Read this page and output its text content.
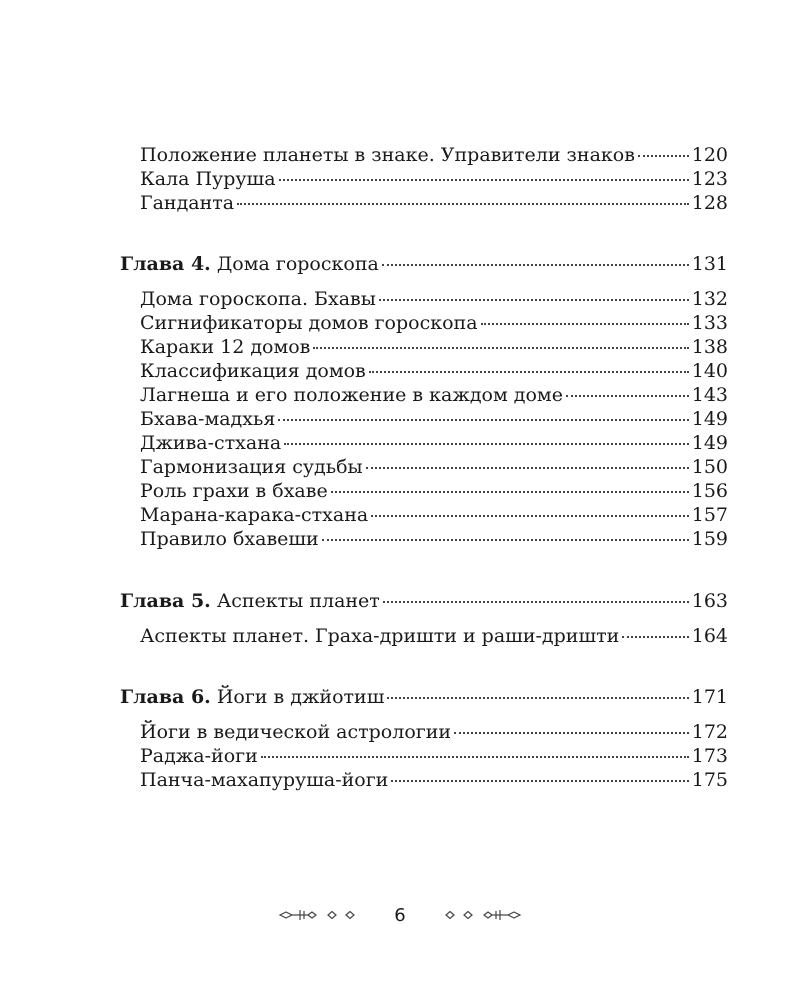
Положение планеты в знаке. Управители знаков	120
Кала Пуруша	123
Ганданта	128
Глава 4. Дома гороскопа	131
Дома гороскопа. Бхавы	132
Сигнификаторы домов гороскопа	133
Караки 12 домов	138
Классификация домов	140
Лагнеша и его положение в каждом доме	143
Бхава-мадхья	149
Джива-стхана	149
Гармонизация судьбы	150
Роль грахи в бхаве	156
Марана-карака-стхана	157
Правило бхавеши	159
Глава 5. Аспекты планет	163
Аспекты планет. Граха-дришти и раши-дришти	164
Глава 6. Йоги в джйотиш	171
Йоги в ведической астрологии	172
Раджа-йоги	173
Панча-махапуруша-йоги	175
6
